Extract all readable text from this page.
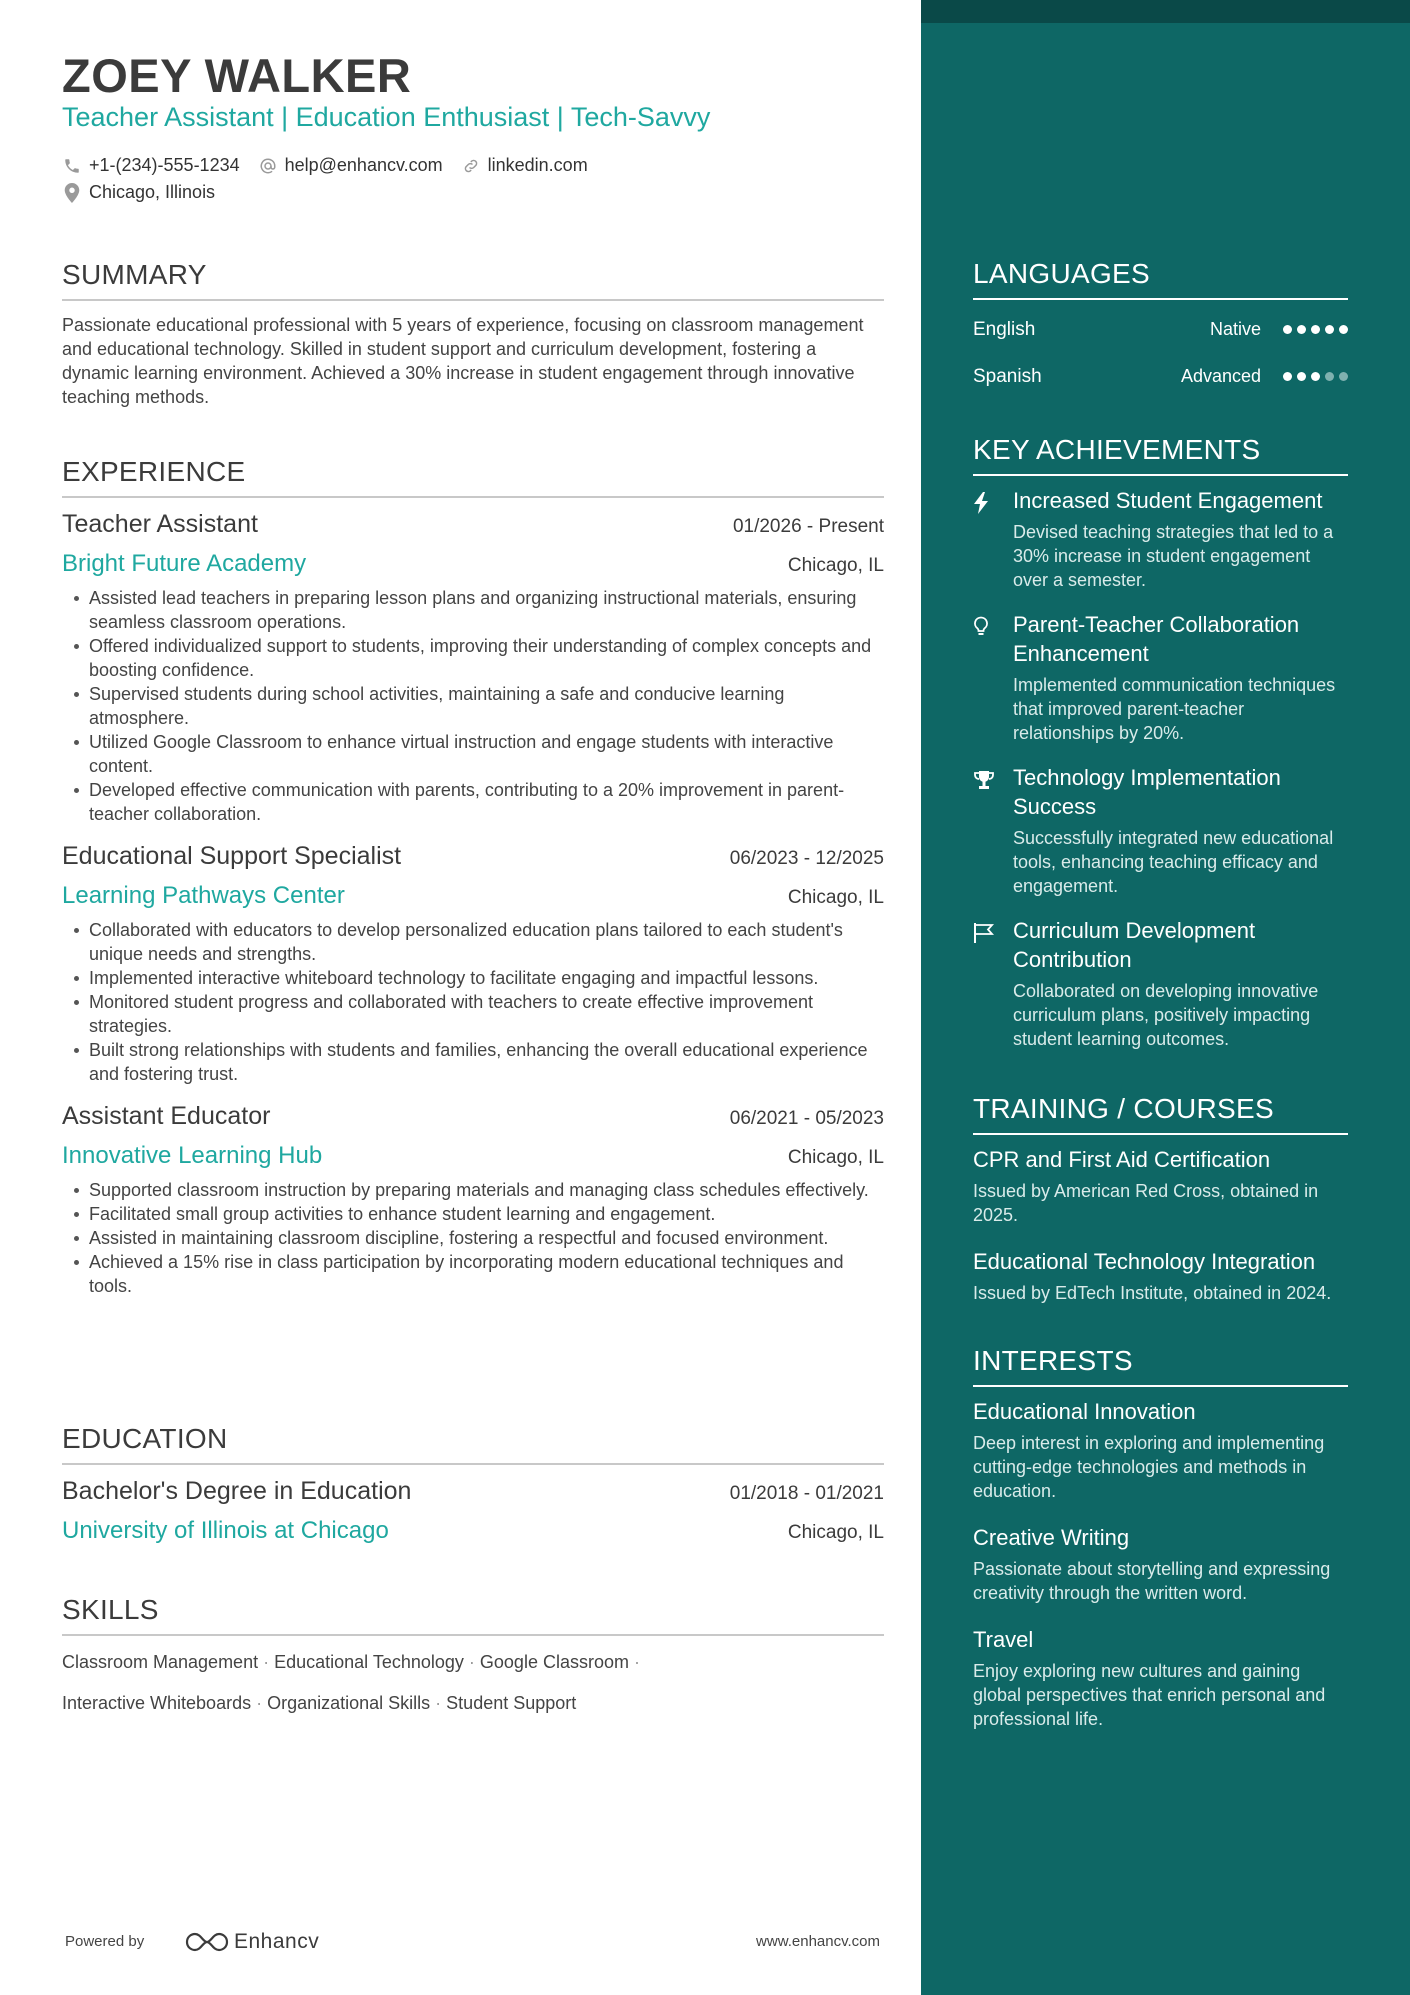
ZOEY WALKER
Teacher Assistant | Education Enthusiast | Tech-Savvy
+1-(234)-555-1234	help@enhancv.com	linkedin.com
Chicago, Illinois
SUMMARY
Passionate educational professional with 5 years of experience, focusing on classroom management and educational technology. Skilled in student support and curriculum development, fostering a dynamic learning environment. Achieved a 30% increase in student engagement through innovative teaching methods.
EXPERIENCE
Teacher Assistant	01/2026 - Present
Bright Future Academy	Chicago, IL
Assisted lead teachers in preparing lesson plans and organizing instructional materials, ensuring seamless classroom operations.
Offered individualized support to students, improving their understanding of complex concepts and boosting confidence.
Supervised students during school activities, maintaining a safe and conducive learning atmosphere.
Utilized Google Classroom to enhance virtual instruction and engage students with interactive content.
Developed effective communication with parents, contributing to a 20% improvement in parent-teacher collaboration.
Educational Support Specialist	06/2023 - 12/2025
Learning Pathways Center	Chicago, IL
Collaborated with educators to develop personalized education plans tailored to each student's unique needs and strengths.
Implemented interactive whiteboard technology to facilitate engaging and impactful lessons.
Monitored student progress and collaborated with teachers to create effective improvement strategies.
Built strong relationships with students and families, enhancing the overall educational experience and fostering trust.
Assistant Educator	06/2021 - 05/2023
Innovative Learning Hub	Chicago, IL
Supported classroom instruction by preparing materials and managing class schedules effectively.
Facilitated small group activities to enhance student learning and engagement.
Assisted in maintaining classroom discipline, fostering a respectful and focused environment.
Achieved a 15% rise in class participation by incorporating modern educational techniques and tools.
EDUCATION
Bachelor's Degree in Education	01/2018 - 01/2021
University of Illinois at Chicago	Chicago, IL
SKILLS
Classroom Management · Educational Technology · Google Classroom ·
Interactive Whiteboards · Organizational Skills · Student Support
Powered by	Enhancv	www.enhancv.com
LANGUAGES
English	Native
Spanish	Advanced
KEY ACHIEVEMENTS
Increased Student Engagement
Devised teaching strategies that led to a 30% increase in student engagement over a semester.
Parent-Teacher Collaboration Enhancement
Implemented communication techniques that improved parent-teacher relationships by 20%.
Technology Implementation Success
Successfully integrated new educational tools, enhancing teaching efficacy and engagement.
Curriculum Development Contribution
Collaborated on developing innovative curriculum plans, positively impacting student learning outcomes.
TRAINING / COURSES
CPR and First Aid Certification
Issued by American Red Cross, obtained in 2025.
Educational Technology Integration
Issued by EdTech Institute, obtained in 2024.
INTERESTS
Educational Innovation
Deep interest in exploring and implementing cutting-edge technologies and methods in education.
Creative Writing
Passionate about storytelling and expressing creativity through the written word.
Travel
Enjoy exploring new cultures and gaining global perspectives that enrich personal and professional life.
